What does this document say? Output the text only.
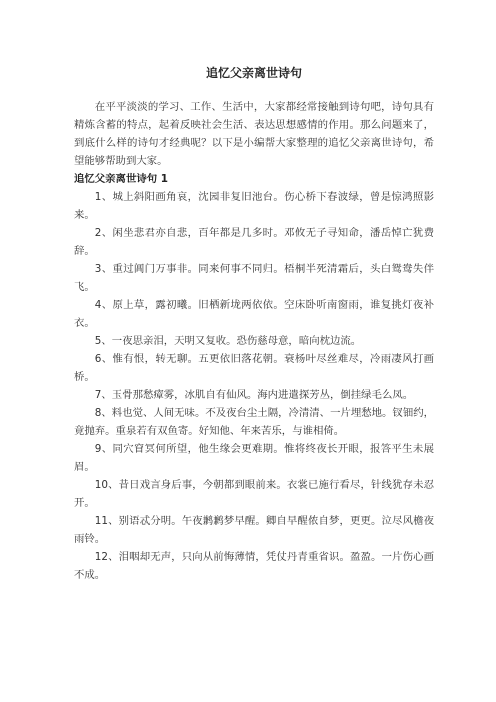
追忆父亲离世诗句

在平平淡淡的学习、工作、生活中，大家都经常接触到诗句吧，诗句具有精炼含蓄的特点，起着反映社会生活、表达思想感情的作用。那么问题来了，到底什么样的诗句才经典呢？以下是小编帮大家整理的追忆父亲离世诗句，希望能够帮助到大家。

追忆父亲离世诗句 1

1、城上斜阳画角哀，沈园非复旧池台。伤心桥下春波绿，曾是惊鸿照影来。

2、闲坐悲君亦自悲，百年都是几多时。邓攸无子寻知命，潘岳悼亡犹费辞。

3、重过阊门万事非。同来何事不同归。梧桐半死清霜后，头白鸳鸯失伴飞。

4、原上草，露初曦。旧栖新垅两依依。空床卧听南窗雨，谁复挑灯夜补衣。

5、一夜思亲泪，天明又复收。恐伤慈母意，暗向枕边流。

6、惟有恨，转无聊。五更依旧落花朝。衰杨叶尽丝难尽，冷雨凄风打画桥。

7、玉骨那愁瘴雾，冰肌自有仙风。海内进遣探芳丛，倒挂绿毛么凤。

8、料也觉、人间无味。不及夜台尘土隔，冷清清、一片埋愁地。钗钿约，竟抛弃。重泉若有双鱼寄。好知他、年来苦乐，与谁相倚。

9、同穴窅冥何所望，他生缘会更难期。惟将终夜长开眼，报答平生未展眉。

10、昔日戏言身后事，今朝都到眼前来。衣裳已施行看尽，针线犹存未忍开。

11、别语忒分明。午夜鹣鹣梦早醒。卿自早醒侬自梦，更更。泣尽风檐夜雨铃。

12、泪咽却无声，只向从前悔薄情，凭仗丹青重省识。盈盈。一片伤心画不成。
